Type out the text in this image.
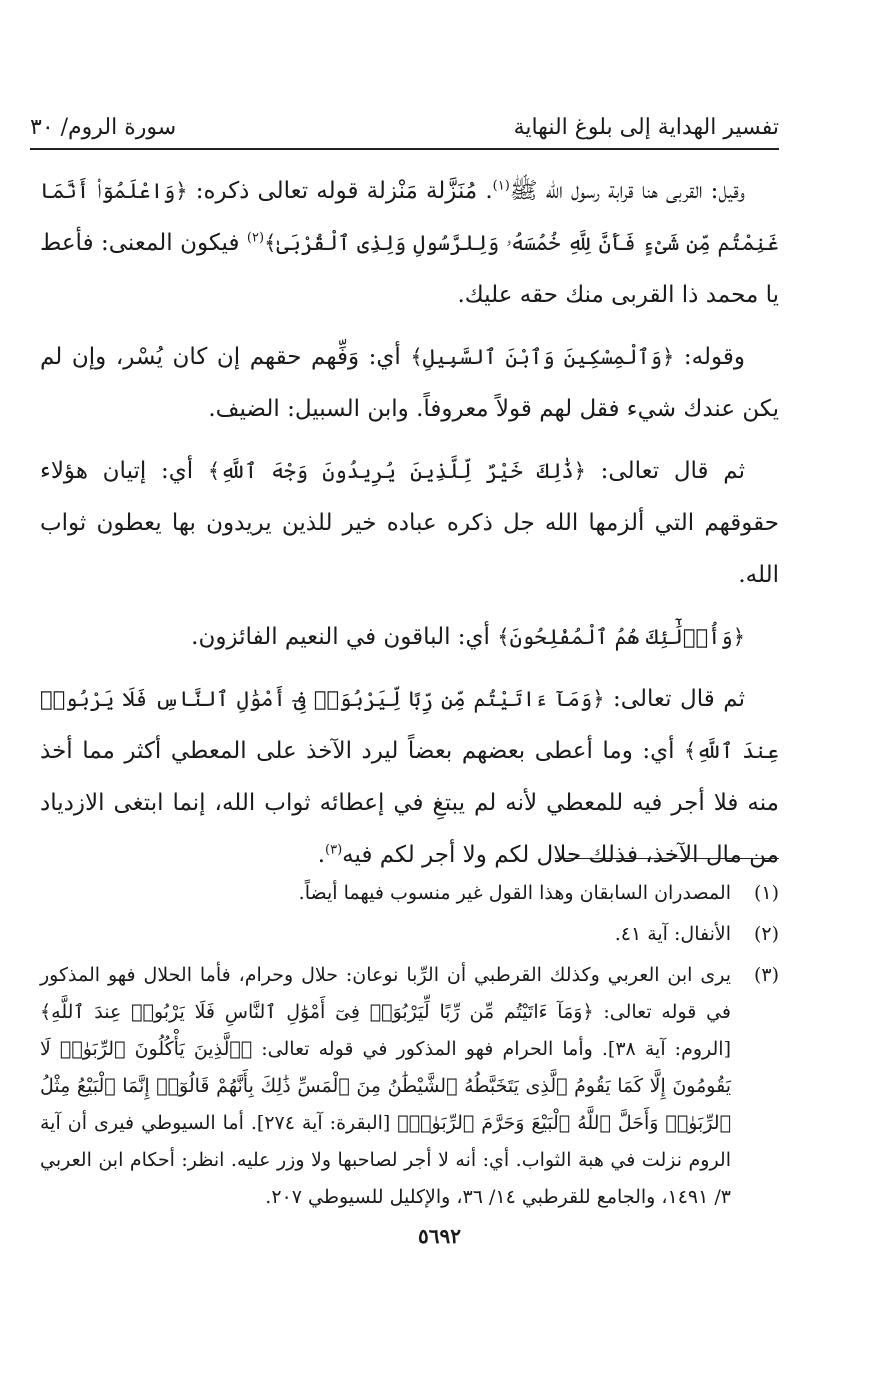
تفسير الهداية إلى بلوغ النهاية
سورة الروم/ ٣٠

وقيل: القربى هنا قرابة رسول الله ﷺ$^{(١)}$. مُنَزَّلة مَنْزلة قوله تعالى ذكره: ﴿وَاعْلَمُوٓا۟ أَنَّمَا غَنِمْتُم مِّن شَىْءٍ فَأَنَّ لِلَّهِ خُمُسَهُۥ وَلِلرَّسُولِ وَلِذِى ٱلْقُرْبَىٰ﴾$^{(٢)}$ فيكون المعنى: فأعط يا محمد ذا القربى منك حقه عليك.

وقوله: ﴿وَٱلْمِسْكِينَ وَٱبْنَ ٱلسَّبِيلِ﴾ أي: وَفِّهم حقهم إن كان يُسْر، وإن لم يكن عندك شيء فقل لهم قولاً معروفاً. وابن السبيل: الضيف.

ثم قال تعالى: ﴿ذَٰلِكَ خَيْرٌ لِّلَّذِينَ يُرِيدُونَ وَجْهَ ٱللَّهِ﴾ أي: إتيان هؤلاء حقوقهم التي ألزمها الله جل ذكره عباده خير للذين يريدون بها يعطون ثواب الله.

﴿وَأُو۟لَٰٓئِكَ هُمُ ٱلْمُفْلِحُونَ﴾ أي: الباقون في النعيم الفائزون.

ثم قال تعالى: ﴿وَمَآ ءَاتَيْتُم مِّن رِّبًا لِّيَرْبُوَا۟ فِىٓ أَمْوَٰلِ ٱلنَّاسِ فَلَا يَرْبُوا۟ عِندَ ٱللَّهِ﴾ أي: وما أعطى بعضهم بعضاً ليرد الآخذ على المعطي أكثر مما أخذ منه فلا أجر فيه للمعطي لأنه لم يبتغِ في إعطائه ثواب الله، إنما ابتغى الازدياد من مال الآخذ، فذلك حلال لكم ولا أجر لكم فيه$^{(٣)}$.

(١)
المصدران السابقان وهذا القول غير منسوب فيهما أيضاً.
(٢)
الأنفال: آية ٤١.
(٣)
يرى ابن العربي وكذلك القرطبي أن الرِّبا نوعان: حلال وحرام، فأما الحلال فهو المذكور في قوله تعالى: ﴿وَمَآ ءَاتَيْتُم مِّن رِّبًا لِّيَرْبُوَا۟ فِىٓ أَمْوَٰلِ ٱلنَّاسِ فَلَا يَرْبُوا۟ عِندَ ٱللَّهِ﴾ [الروم: آية ٣٨]. وأما الحرام فهو المذكور في قوله تعالى: ﴿ٱلَّذِينَ يَأْكُلُونَ ٱلرِّبَوٰا۟ لَا يَقُومُونَ إِلَّا كَمَا يَقُومُ ٱلَّذِى يَتَخَبَّطُهُ ٱلشَّيْطَٰنُ مِنَ ٱلْمَسِّ ذَٰلِكَ بِأَنَّهُمْ قَالُوٓا۟ إِنَّمَا ٱلْبَيْعُ مِثْلُ ٱلرِّبَوٰا۟ وَأَحَلَّ ٱللَّهُ ٱلْبَيْعَ وَحَرَّمَ ٱلرِّبَوٰا۟﴾ [البقرة: آية ٢٧٤]. أما السيوطي فيرى أن آية الروم نزلت في هبة الثواب. أي: أنه لا أجر لصاحبها ولا وزر عليه. انظر: أحكام ابن العربي ٣/ ١٤٩١، والجامع للقرطبي ١٤/ ٣٦، والإكليل للسيوطي ٢٠٧.
٥٦٩٢
